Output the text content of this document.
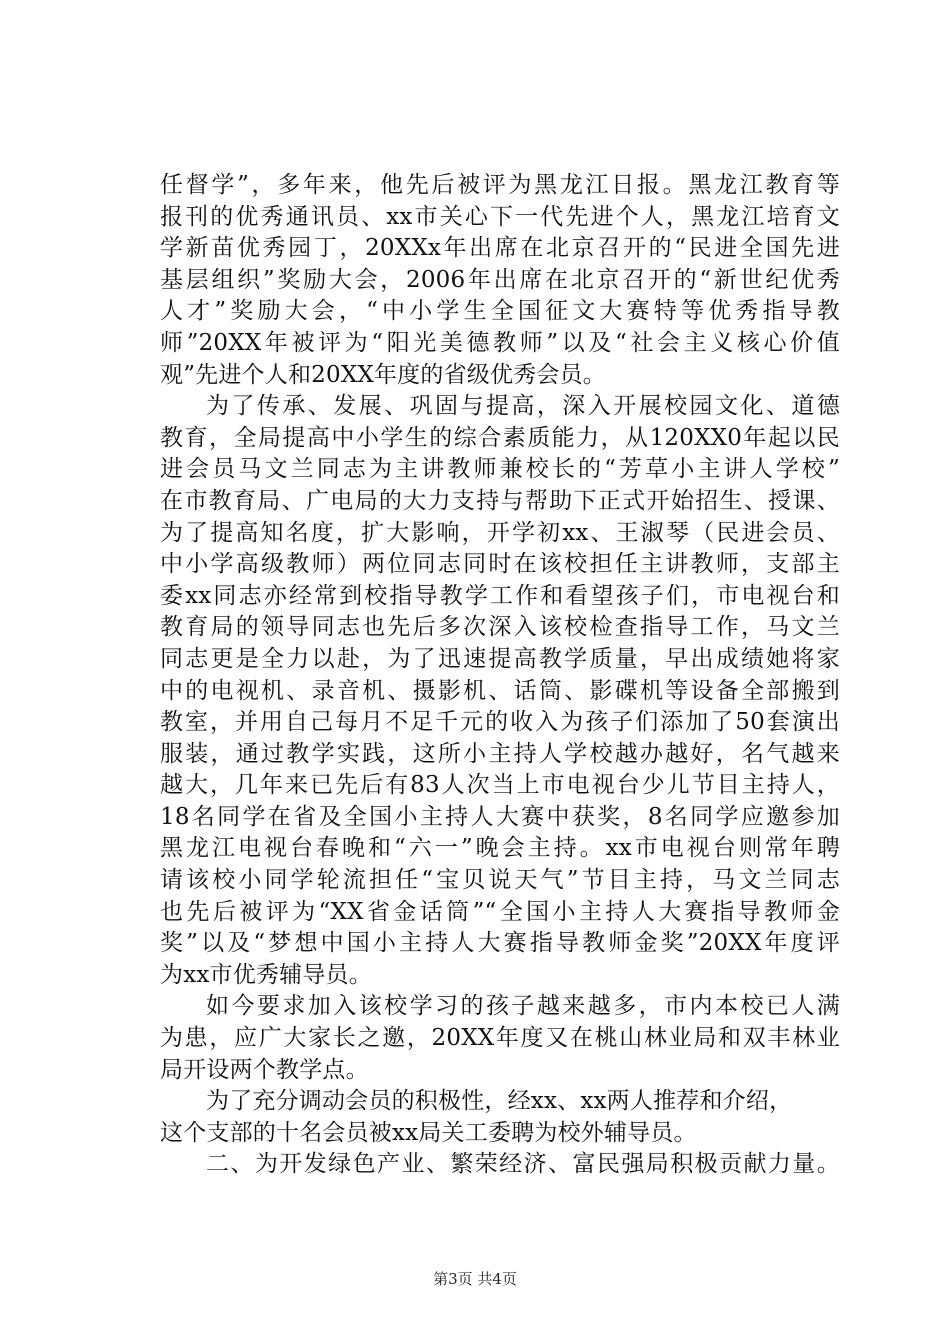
任督学”，多年来，他先后被评为黑龙江日报。黑龙江教育等
报刊的优秀通讯员、xx市关心下一代先进个人，黑龙江培育文
学新苗优秀园丁，20XXx年出席在北京召开的“民进全国先进
基层组织”奖励大会，2006年出席在北京召开的“新世纪优秀
人才”奖励大会，“中小学生全国征文大赛特等优秀指导教
师”20XX年被评为“阳光美德教师”以及“社会主义核心价值
观”先进个人和20XX年度的省级优秀会员。
为了传承、发展、巩固与提高，深入开展校园文化、道德
教育，全局提高中小学生的综合素质能力，从120XX0年起以民
进会员马文兰同志为主讲教师兼校长的“芳草小主讲人学校”
在市教育局、广电局的大力支持与帮助下正式开始招生、授课、
为了提高知名度，扩大影响，开学初xx、王淑琴（民进会员、
中小学高级教师）两位同志同时在该校担任主讲教师，支部主
委xx同志亦经常到校指导教学工作和看望孩子们，市电视台和
教育局的领导同志也先后多次深入该校检查指导工作，马文兰
同志更是全力以赴，为了迅速提高教学质量，早出成绩她将家
中的电视机、录音机、摄影机、话筒、影碟机等设备全部搬到
教室，并用自己每月不足千元的收入为孩子们添加了50套演出
服装，通过教学实践，这所小主持人学校越办越好，名气越来
越大，几年来已先后有83人次当上市电视台少儿节目主持人，
18名同学在省及全国小主持人大赛中获奖，8名同学应邀参加
黑龙江电视台春晚和“六一”晚会主持。xx市电视台则常年聘
请该校小同学轮流担任“宝贝说天气”节目主持，马文兰同志
也先后被评为“XX省金话筒”“全国小主持人大赛指导教师金
奖”以及“梦想中国小主持人大赛指导教师金奖”20XX年度评
为xx市优秀辅导员。
如今要求加入该校学习的孩子越来越多，市内本校已人满
为患，应广大家长之邀，20XX年度又在桃山林业局和双丰林业
局开设两个教学点。
为了充分调动会员的积极性，经xx、xx两人推荐和介绍，
这个支部的十名会员被xx局关工委聘为校外辅导员。
二、为开发绿色产业、繁荣经济、富民强局积极贡献力量。
第3页 共4页
